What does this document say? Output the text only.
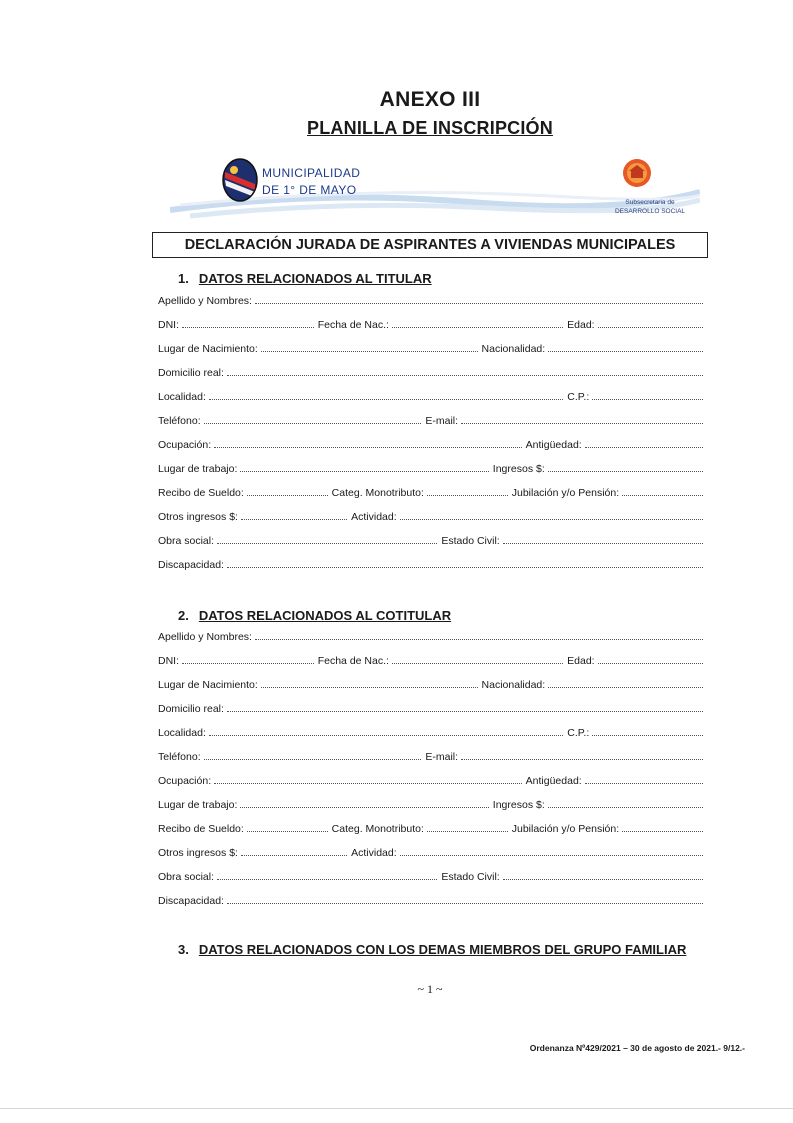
ANEXO III
PLANILLA DE INSCRIPCIÓN
MUNICIPALIDAD
DE 1° DE MAYO
Subsecretaria de
DESARROLLO SOCIAL
DECLARACIÓN JURADA DE ASPIRANTES A VIVIENDAS MUNICIPALES
1. DATOS RELACIONADOS AL TITULAR
Apellido y Nombres:
DNI:	Fecha de Nac.:	Edad:
Lugar de Nacimiento:	Nacionalidad:
Domicilio real:
Localidad:	C.P.:
Teléfono:	E-mail:
Ocupación:	Antigüedad:
Lugar de trabajo:	Ingresos $:
Recibo de Sueldo:	Categ. Monotributo:	Jubilación y/o Pensión:
Otros ingresos $:	Actividad:
Obra social:	Estado Civil:
Discapacidad:
2. DATOS RELACIONADOS AL COTITULAR
Apellido y Nombres:
DNI:	Fecha de Nac.:	Edad:
Lugar de Nacimiento:	Nacionalidad:
Domicilio real:
Localidad:	C.P.:
Teléfono:	E-mail:
Ocupación:	Antigüedad:
Lugar de trabajo:	Ingresos $:
Recibo de Sueldo:	Categ. Monotributo:	Jubilación y/o Pensión:
Otros ingresos $:	Actividad:
Obra social:	Estado Civil:
Discapacidad:
3. DATOS RELACIONADOS CON LOS DEMAS MIEMBROS DEL GRUPO FAMILIAR
~ 1 ~
Ordenanza Nº429/2021 – 30 de agosto de 2021.- 9/12.-
